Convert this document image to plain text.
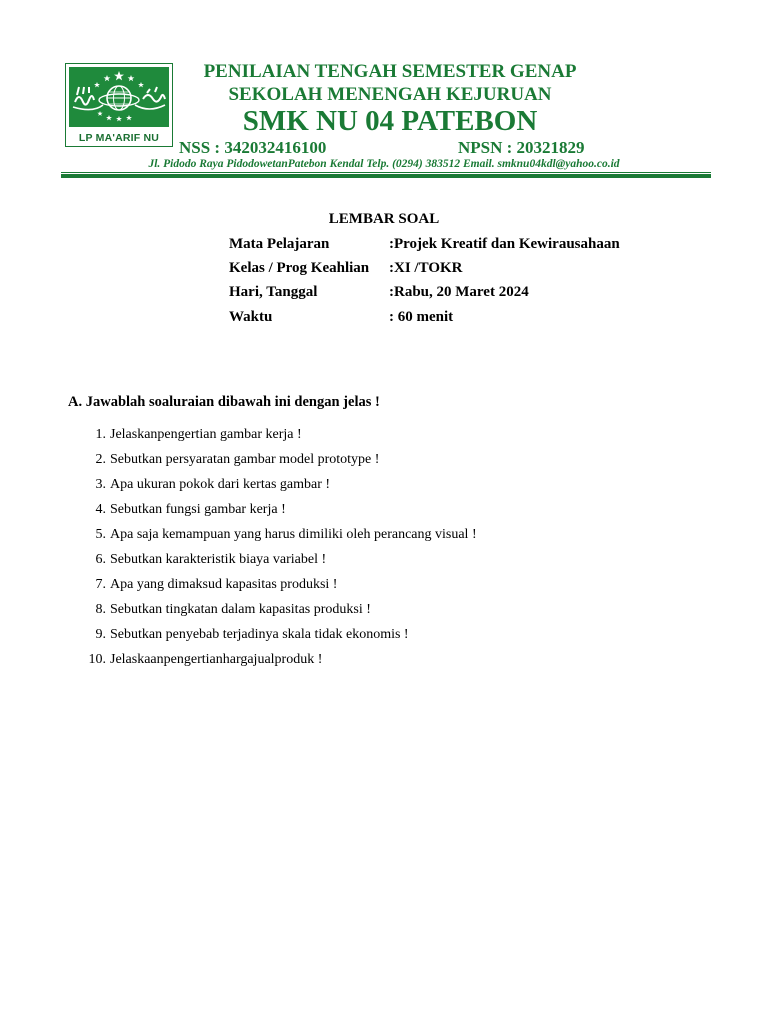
LP MA'ARIF NU
PENILAIAN TENGAH SEMESTER GENAP
SEKOLAH MENENGAH KEJURUAN
SMK NU 04 PATEBON
NSS : 342032416100	NPSN : 20321829
Jl. Pidodo Raya PidodowetanPatebon Kendal Telp. (0294) 383512 Email. smknu04kdl@yahoo.co.id
LEMBAR SOAL
Mata Pelajaran	:Projek Kreatif dan Kewirausahaan
Kelas / Prog Keahlian :XI /TOKR
Hari, Tanggal	:Rabu, 20 Maret 2024
Waktu	: 60 menit
A. Jawablah soaluraian dibawah ini dengan jelas !
1. Jelaskanpengertian gambar kerja !
2. Sebutkan persyaratan gambar model prototype !
3. Apa ukuran pokok dari kertas gambar !
4. Sebutkan fungsi gambar kerja !
5. Apa saja kemampuan yang harus dimiliki oleh perancang visual !
6. Sebutkan karakteristik biaya variabel !
7. Apa yang dimaksud kapasitas produksi !
8. Sebutkan tingkatan dalam kapasitas produksi !
9. Sebutkan penyebab terjadinya skala tidak ekonomis !
10. Jelaskaanpengertianhargajualproduk !
